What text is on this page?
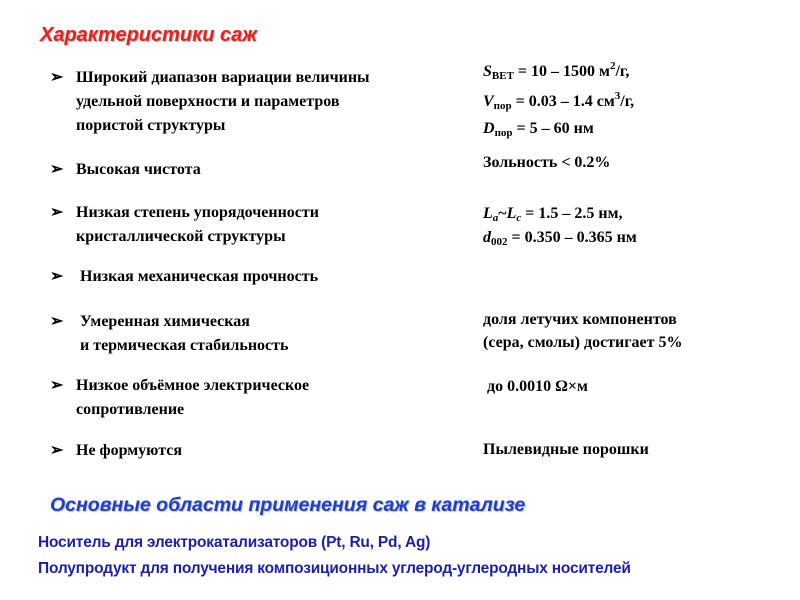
Характеристики саж
➢ Широкий диапазон вариации величины
удельной поверхности и параметров
пористой структуры
➢ Высокая чистота
➢ Низкая степень упорядоченности
кристаллической структуры
➢ Низкая механическая прочность
➢	Умеренная химическая
и термическая стабильность
➢ Низкое объёмное электрическое
сопротивление
➢ Не формуются
$S_{BET} = 10 - 1500$ $м^2/г$,
$V_{пор} = 0.03 - 1.4$ $см^3/г$,
$D_{пор} = 5 - 60$ нм
Зольность < 0.2%
$L_a\sim L_c = 1.5 - 2.5$ нм,
$d_{002} = 0.350 - 0.365$ нм
доля летучих компонентов
(сера, смолы) достигает 5%
до 0.0010 Ω×м
Пылевидные порошки
Основные области применения саж в катализе
Носитель для электрокатализаторов (Pt, Ru, Pd, Ag)
Полупродукт для получения композиционных углерод-углеродных носителей
